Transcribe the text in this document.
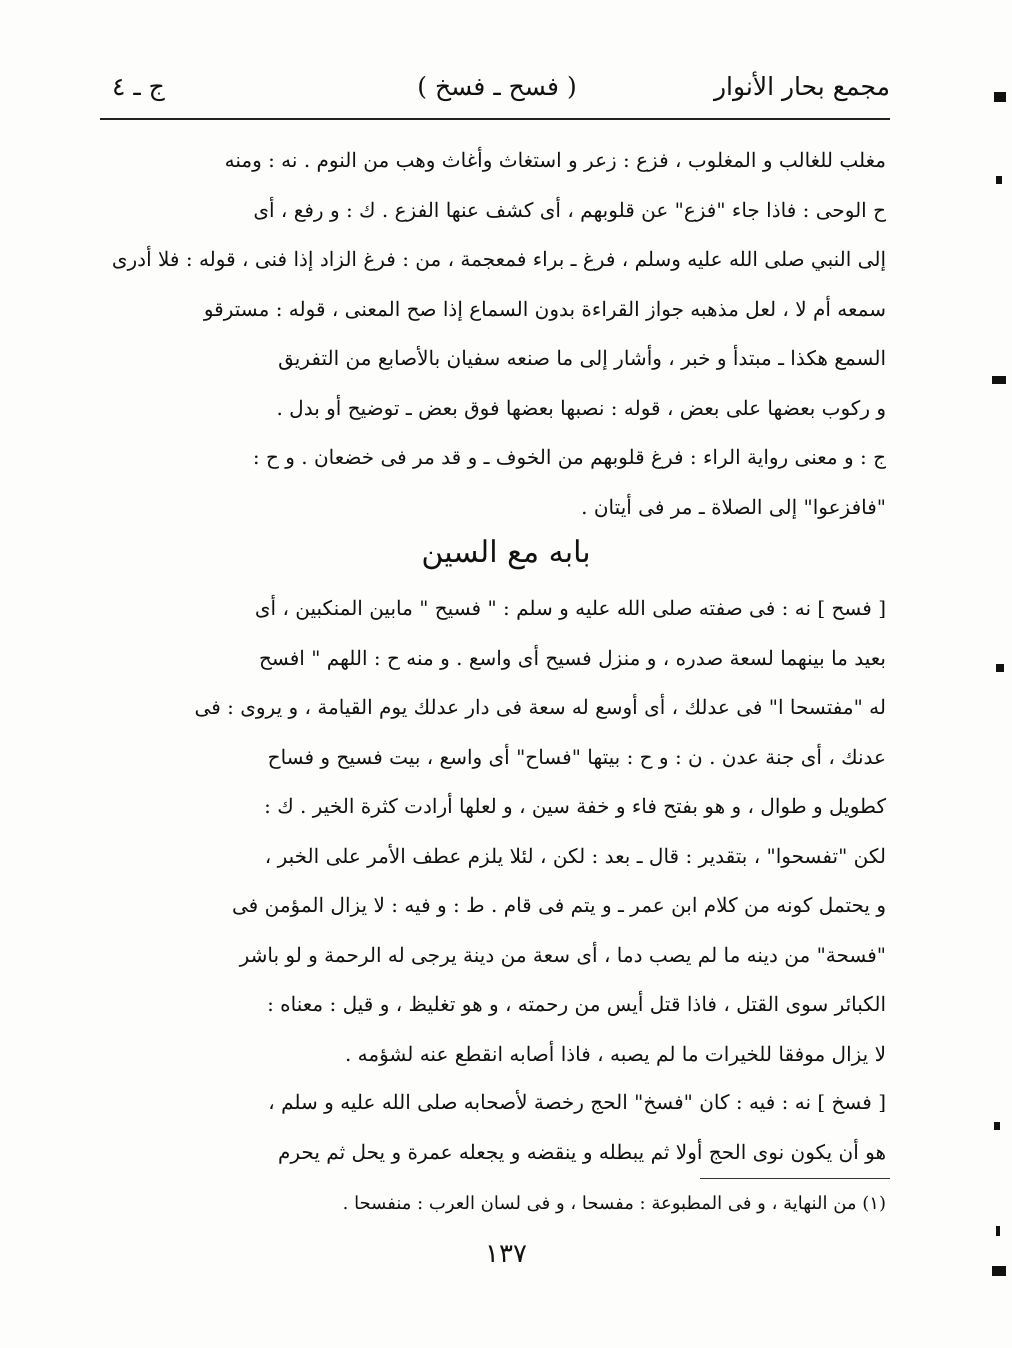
مجمع بحار الأنوار
( فسح ـ فسخ )
ج ـ ٤

مغلب للغالب و المغلوب ، فزع : زعر و استغاث وأغاث وهب من النوم . نه : ومنه

ح الوحى : فاذا جاء "فزع" عن قلوبهم ، أى كشف عنها الفزع . ك : و رفع ، أى

إلى النبي صلى الله عليه وسلم ، فرغ ـ براء فمعجمة ، من : فرغ الزاد إذا فنى ، قوله : فلا أدرى

سمعه أم لا ، لعل مذهبه جواز القراءة بدون السماع إذا صح المعنى ، قوله : مسترقو

السمع هكذا ـ مبتدأ و خبر ، وأشار إلى ما صنعه سفيان بالأصابع من التفريق

و ركوب بعضها على بعض ، قوله : نصبها بعضها فوق بعض ـ توضيح أو بدل .

ج : و معنى رواية الراء : فرغ قلوبهم من الخوف ـ و قد مر فى خضعان . و ح :

"فافزعوا" إلى الصلاة ـ مر فى أيتان .

بابه مع السين

[ فسح ] نه : فى صفته صلى الله عليه و سلم : " فسيح " مابين المنكبين ، أى

بعيد ما بينهما لسعة صدره ، و منزل فسيح أى واسع . و منه ح : اللهم " افسح

له "مفتسحا ا" فى عدلك ، أى أوسع له سعة فى دار عدلك يوم القيامة ، و يروى : فى

عدنك ، أى جنة عدن . ن : و ح : بيتها "فساح" أى واسع ، بيت فسيح و فساح

كطويل و طوال ، و هو بفتح فاء و خفة سين ، و لعلها أرادت كثرة الخير . ك :

لكن "تفسحوا" ، بتقدير : قال ـ بعد : لكن ، لئلا يلزم عطف الأمر على الخبر ،

و يحتمل كونه من كلام ابن عمر ـ و يتم فى قام . ط : و فيه : لا يزال المؤمن فى

"فسحة" من دينه ما لم يصب دما ، أى سعة من دينة يرجى له الرحمة و لو باشر

الكبائر سوى القتل ، فاذا قتل أيس من رحمته ، و هو تغليظ ، و قيل : معناه :

لا يزال موفقا للخيرات ما لم يصبه ، فاذا أصابه انقطع عنه لشؤمه .

[ فسخ ] نه : فيه : كان "فسخ" الحج رخصة لأصحابه صلى الله عليه و سلم ،

هو أن يكون نوى الحج أولا ثم يبطله و ينقضه و يجعله عمرة و يحل ثم يحرم

(١) من النهاية ، و فى المطبوعة : مفسحا ، و فى لسان العرب : منفسحا .
١٣٧
